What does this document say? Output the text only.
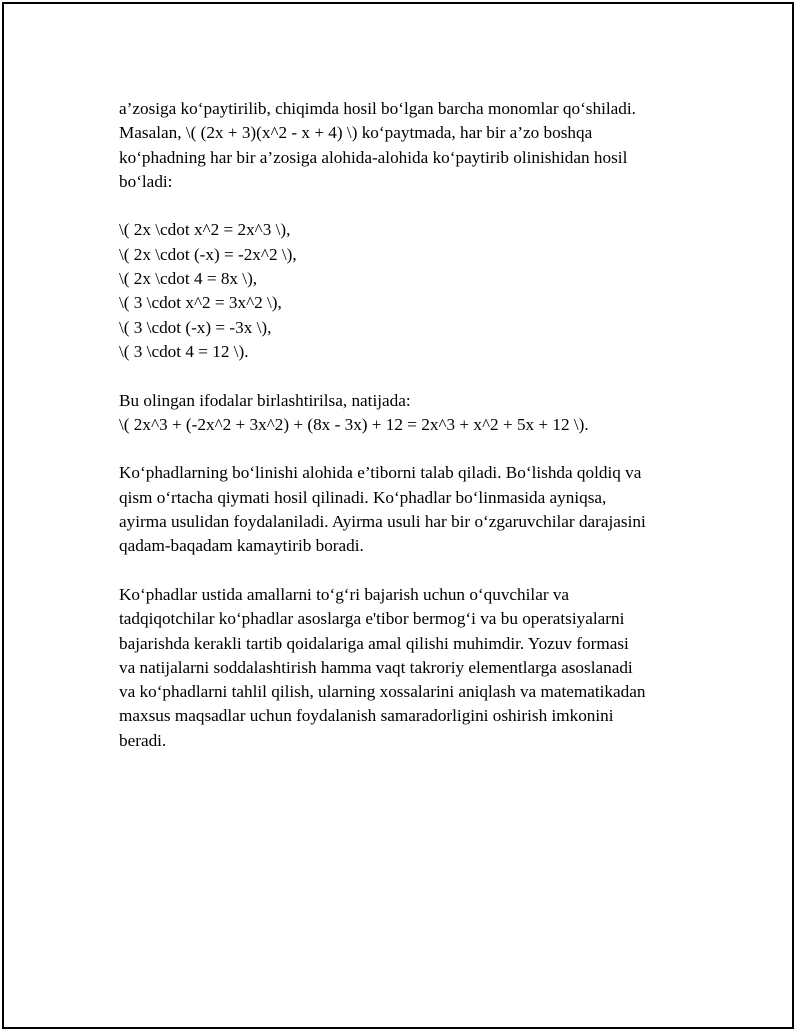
a’zosiga ko‘paytirilib, chiqimda hosil bo‘lgan barcha monomlar qo‘shiladi.
Masalan, \( (2x + 3)(x^2 - x + 4) \) ko‘paytmada, har bir a’zo boshqa
ko‘phadning har bir a’zosiga alohida-alohida ko‘paytirib olinishidan hosil
bo‘ladi:
\( 2x \cdot x^2 = 2x^3 \),
\( 2x \cdot (-x) = -2x^2 \),
\( 2x \cdot 4 = 8x \),
\( 3 \cdot x^2 = 3x^2 \),
\( 3 \cdot (-x) = -3x \),
\( 3 \cdot 4 = 12 \).
Bu olingan ifodalar birlashtirilsa, natijada:
\( 2x^3 + (-2x^2 + 3x^2) + (8x - 3x) + 12 = 2x^3 + x^2 + 5x + 12 \).
Ko‘phadlarning bo‘linishi alohida e’tiborni talab qiladi. Bo‘lishda qoldiq va
qism o‘rtacha qiymati hosil qilinadi. Ko‘phadlar bo‘linmasida ayniqsa,
ayirma usulidan foydalaniladi. Ayirma usuli har bir o‘zgaruvchilar darajasini
qadam-baqadam kamaytirib boradi.
Ko‘phadlar ustida amallarni to‘g‘ri bajarish uchun o‘quvchilar va
tadqiqotchilar ko‘phadlar asoslarga e'tibor bermog‘i va bu operatsiyalarni
bajarishda kerakli tartib qoidalariga amal qilishi muhimdir. Yozuv formasi
va natijalarni soddalashtirish hamma vaqt takroriy elementlarga asoslanadi
va ko‘phadlarni tahlil qilish, ularning xossalarini aniqlash va matematikadan
maxsus maqsadlar uchun foydalanish samaradorligini oshirish imkonini
beradi.
